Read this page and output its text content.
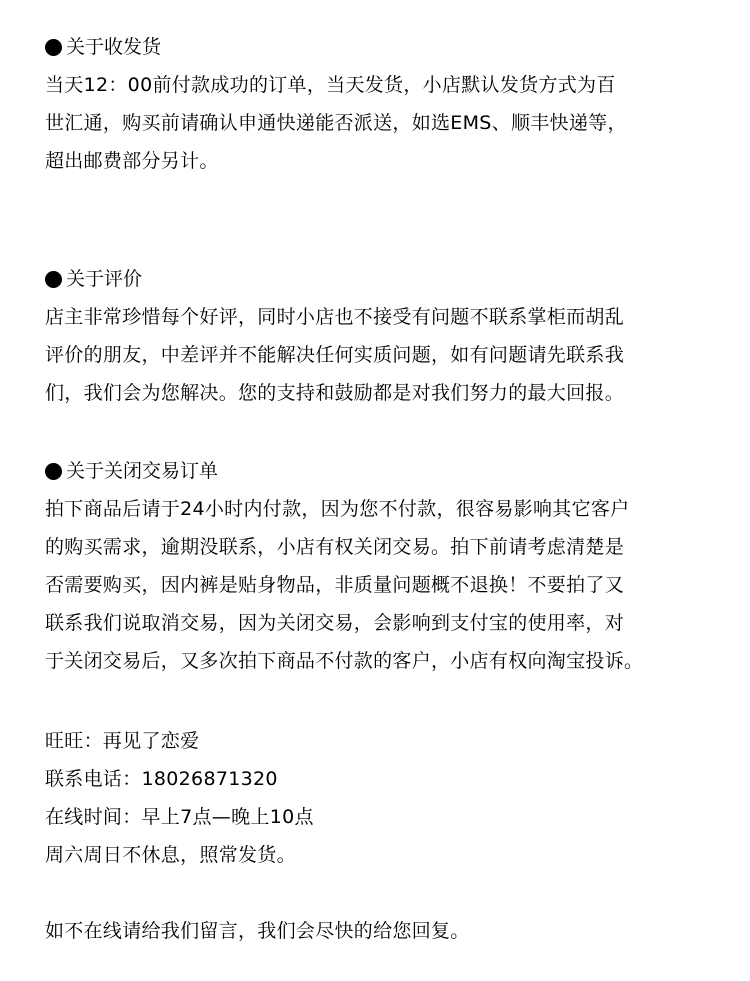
关于收发货
当天12：00前付款成功的订单，当天发货，小店默认发货方式为百
世汇通，购买前请确认申通快递能否派送，如选EMS、顺丰快递等，
超出邮费部分另计。
关于评价
店主非常珍惜每个好评，同时小店也不接受有问题不联系掌柜而胡乱
评价的朋友，中差评并不能解决任何实质问题，如有问题请先联系我
们，我们会为您解决。您的支持和鼓励都是对我们努力的最大回报。
关于关闭交易订单
拍下商品后请于24小时内付款，因为您不付款，很容易影响其它客户
的购买需求，逾期没联系，小店有权关闭交易。拍下前请考虑清楚是
否需要购买，因内裤是贴身物品，非质量问题概不退换！不要拍了又
联系我们说取消交易，因为关闭交易，会影响到支付宝的使用率，对
于关闭交易后，又多次拍下商品不付款的客户，小店有权向淘宝投诉。
旺旺：再见了恋爱
联系电话：18026871320
在线时间：早上7点—晚上10点
周六周日不休息，照常发货。
如不在线请给我们留言，我们会尽快的给您回复。
